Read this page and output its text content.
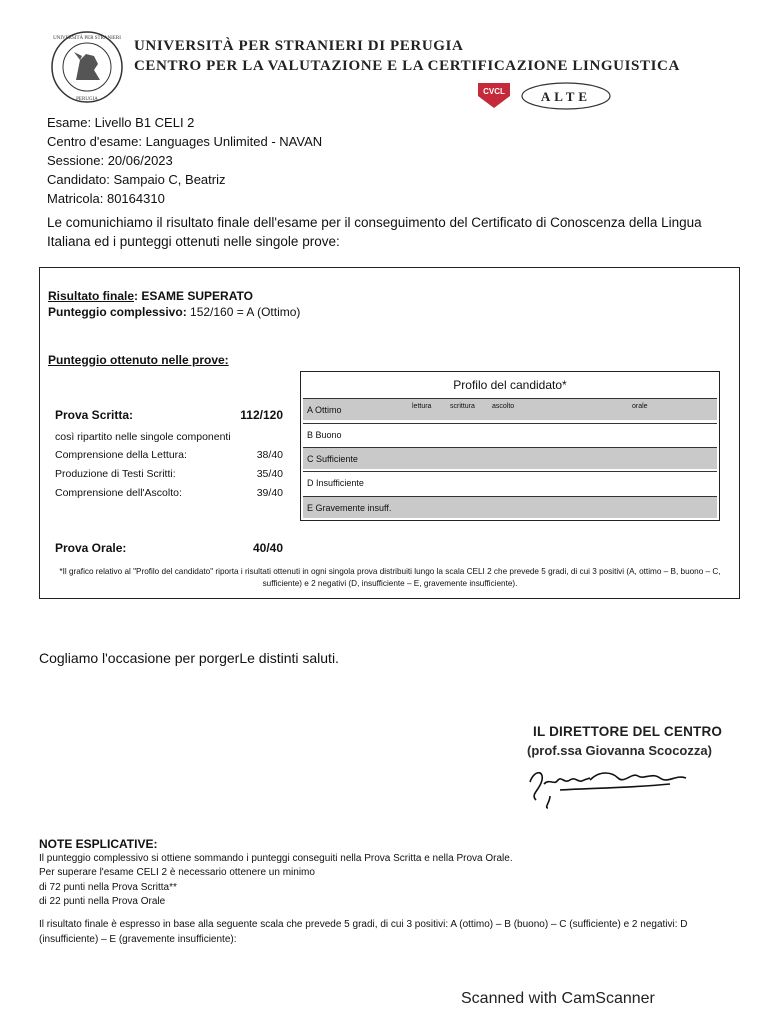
UNIVERSITÀ PER STRANIERI
PERUGIA
UNIVERSITÀ PER STRANIERI DI PERUGIA
CENTRO PER LA VALUTAZIONE E LA CERTIFICAZIONE LINGUISTICA
CVCL	ALTE
Esame: Livello B1 CELI 2
Centro d'esame: Languages Unlimited - NAVAN
Sessione: 20/06/2023
Candidato: Sampaio C, Beatriz
Matricola: 80164310
Le comunichiamo il risultato finale dell'esame per il conseguimento del Certificato di Conoscenza della Lingua Italiana ed i punteggi ottenuti nelle singole prove:
Risultato finale: ESAME SUPERATO
Punteggio complessivo: 152/160 = A (Ottimo)
Punteggio ottenuto nelle prove:
Prova Scritta:	112/120
così ripartito nelle singole componenti
Comprensione della Lettura:	38/40
Produzione di Testi Scritti:	35/40
Comprensione dell'Ascolto:	39/40
Prova Orale:	40/40
Profilo del candidato*
A Ottimo
B Buono
C Sufficiente
D Insufficiente
E Gravemente insuff.
lettura	scrittura ascolto	orale
*Il grafico relativo al "Profilo del candidato" riporta i risultati ottenuti in ogni singola prova distribuiti lungo la scala CELI 2 che prevede 5 gradi, di cui 3 positivi (A, ottimo – B, buono – C, sufficiente) e 2 negativi (D, insufficiente – E, gravemente insufficiente).
Cogliamo l'occasione per porgerLe distinti saluti.
IL DIRETTORE DEL CENTRO
(prof.ssa Giovanna Scocozza)
NOTE ESPLICATIVE:
Il punteggio complessivo si ottiene sommando i punteggi conseguiti nella Prova Scritta e nella Prova Orale.
Per superare l'esame CELI 2 è necessario ottenere un minimo
di 72 punti nella Prova Scritta**
di 22 punti nella Prova Orale
Il risultato finale è espresso in base alla seguente scala che prevede 5 gradi, di cui 3 positivi: A (ottimo) – B (buono) – C (sufficiente) e 2 negativi: D (insufficiente) – E (gravemente insufficiente):
Scanned with CamScanner
